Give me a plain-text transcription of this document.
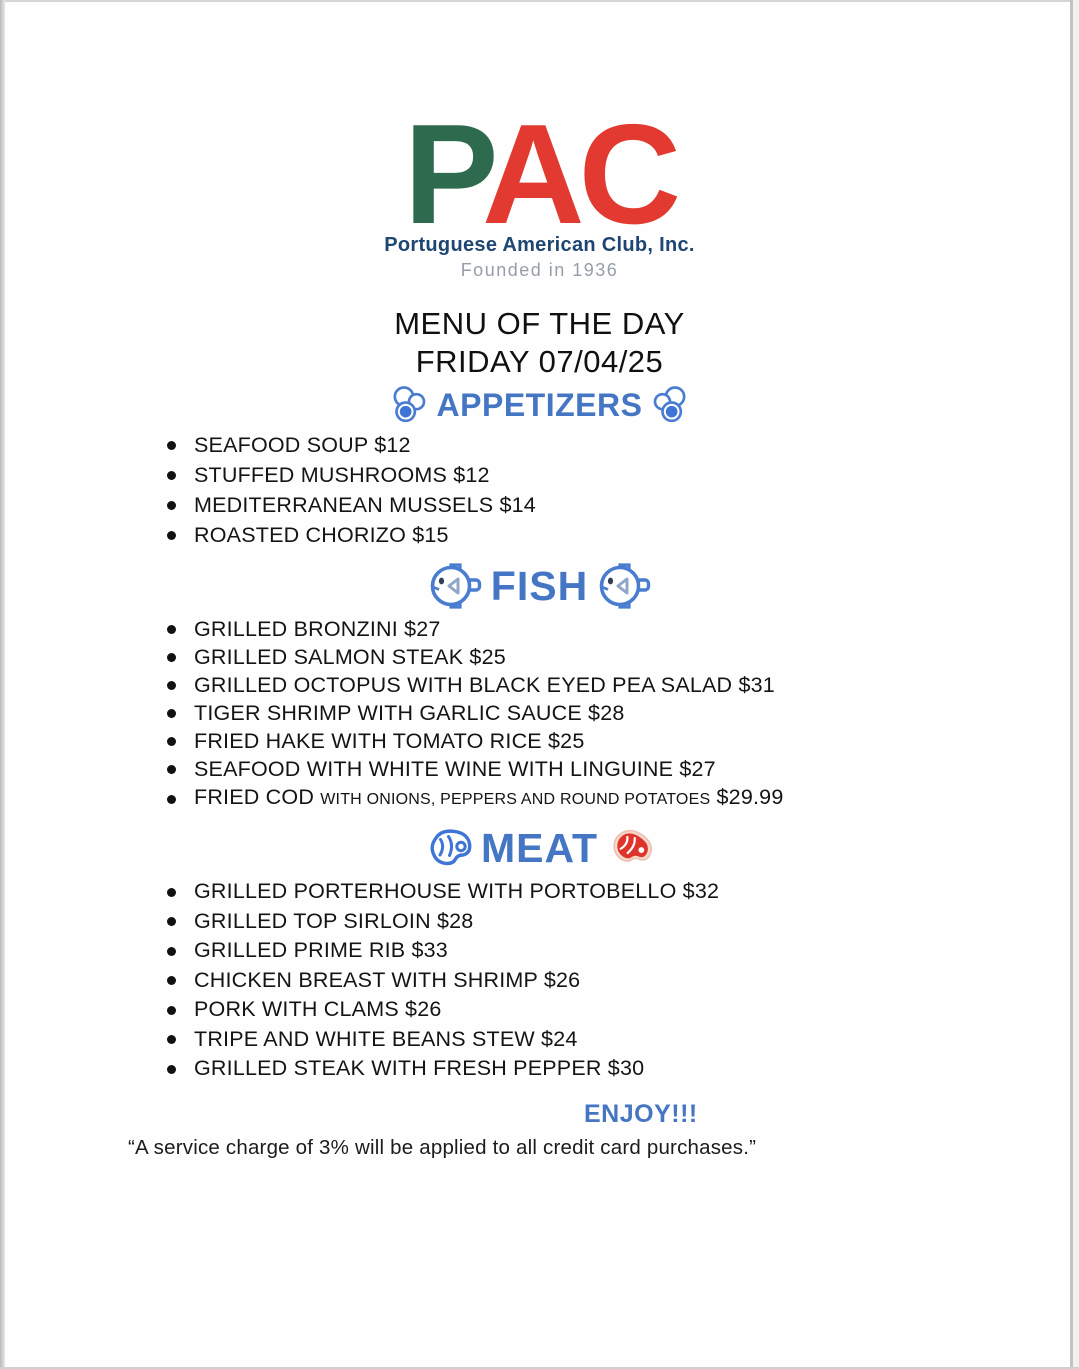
PAC
Portuguese American Club, Inc.
Founded in 1936
MENU OF THE DAY
FRIDAY 07/04/25
APPETIZERS
SEAFOOD SOUP $12
STUFFED MUSHROOMS $12
MEDITERRANEAN MUSSELS $14
ROASTED CHORIZO $15
FISH
GRILLED BRONZINI $27
GRILLED SALMON STEAK $25
GRILLED OCTOPUS WITH BLACK EYED PEA SALAD $31
TIGER SHRIMP WITH GARLIC SAUCE $28
FRIED HAKE WITH TOMATO RICE $25
SEAFOOD WITH WHITE WINE WITH LINGUINE $27
FRIED COD WITH ONIONS, PEPPERS AND ROUND POTATOES $29.99
MEAT
GRILLED PORTERHOUSE WITH PORTOBELLO $32
GRILLED TOP SIRLOIN $28
GRILLED PRIME RIB $33
CHICKEN BREAST WITH SHRIMP $26
PORK WITH CLAMS $26
TRIPE AND WHITE BEANS STEW $24
GRILLED STEAK WITH FRESH PEPPER $30
ENJOY!!!
“A service charge of 3% will be applied to all credit card purchases.”
